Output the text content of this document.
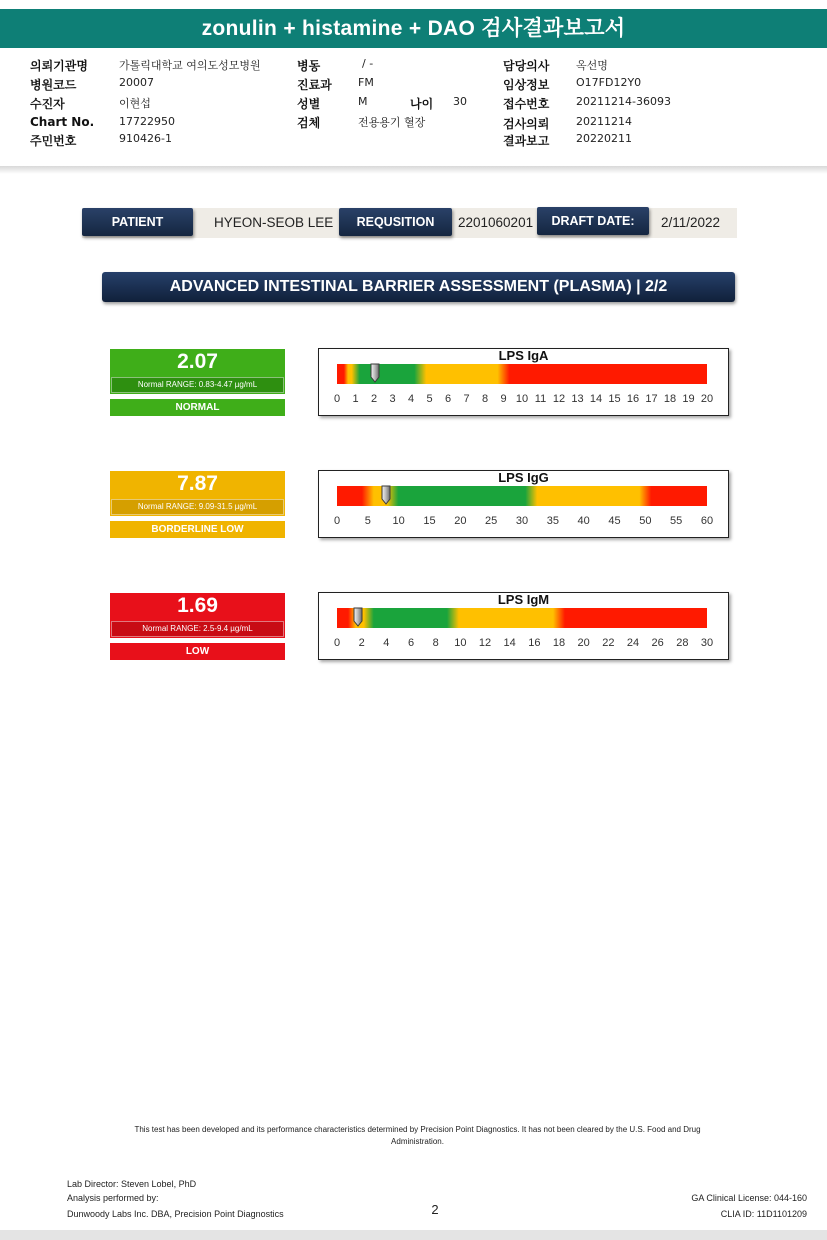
zonulin + histamine + DAO 검사결과보고서
의뢰기관명	가톨릭대학교 여의도성모병원
병원코드	20007
수진자	이현섭
Chart No. 17722950
주민번호	910426-1
병동	/ -
진료과 FM
성별	M	나이 30
검체	전용용기 혈장
담당의사 옥선명
임상정보 O17FD12Y0
접수번호 20211214-36093
검사의뢰 20211214
결과보고 20220211
PATIENT	HYEON-SEOB LEE	REQUSITION	2201060201	DRAFT DATE:	2/11/2022
ADVANCED INTESTINAL BARRIER ASSESSMENT (PLASMA) | 2/2
2.07
Normal RANGE: 0.83-4.47 µg/mL
NORMAL
LPS IgA
0 1 2 3 4 5 6 7 8 9 10 11 12 13 14 15 16 17 18 19 20
7.87
Normal RANGE: 9.09-31.5 µg/mL
BORDERLINE LOW
LPS IgG
0 5 10 15 20 25 30 35 40 45 50 55 60
1.69
Normal RANGE: 2.5-9.4 µg/mL
LOW
LPS IgM
0 2 4 6 8 10 12 14 16 18 20 22 24 26 28 30
This test has been developed and its performance characteristics determined by Precision Point Diagnostics. It has not been cleared by the U.S. Food and Drug Administration.
Lab Director: Steven Lobel, PhD
Analysis performed by:
Dunwoody Labs Inc. DBA, Precision Point Diagnostics	2
GA Clinical License: 044-160
CLIA ID: 11D1101209
